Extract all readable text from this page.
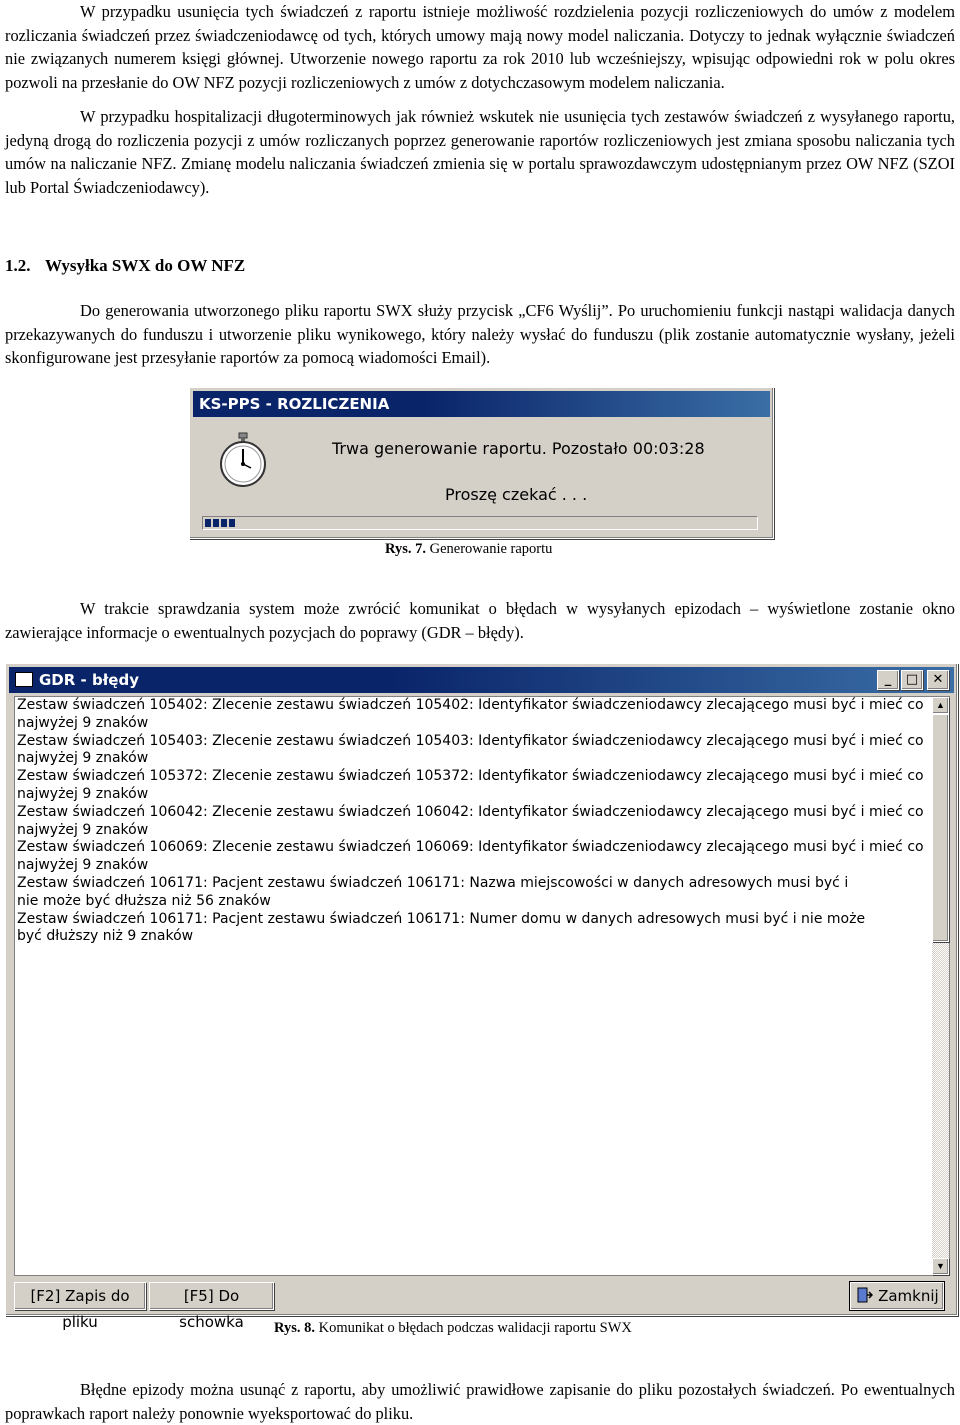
W przypadku usunięcia tych świadczeń z raportu istnieje możliwość rozdzielenia pozycji rozliczeniowych do umów z modelem rozliczania świadczeń przez świadczeniodawcę od tych, których umowy mają nowy model naliczania. Dotyczy to jednak wyłącznie świadczeń nie związanych numerem księgi głównej. Utworzenie nowego raportu za rok 2010 lub wcześniejszy, wpisując odpowiedni rok w polu okres pozwoli na przesłanie do OW NFZ pozycji rozliczeniowych z umów z dotychczasowym modelem naliczania.

W przypadku hospitalizacji długoterminowych jak również wskutek nie usunięcia tych zestawów świadczeń z wysyłanego raportu, jedyną drogą do rozliczenia pozycji z umów rozliczanych poprzez generowanie raportów rozliczeniowych jest zmiana sposobu naliczania tych umów na naliczanie NFZ. Zmianę modelu naliczania świadczeń zmienia się w portalu sprawozdawczym udostępnianym przez OW NFZ (SZOI lub Portal Świadczeniodawcy).

1.2. Wysyłka SWX do OW NFZ

Do generowania utworzonego pliku raportu SWX służy przycisk „CF6 Wyślij”. Po uruchomieniu funkcji nastąpi walidacja danych przekazywanych do funduszu i utworzenie pliku wynikowego, który należy wysłać do funduszu (plik zostanie automatycznie wysłany, jeżeli skonfigurowane jest przesyłanie raportów za pomocą wiadomości Email).

KS-PPS - ROZLICZENIA
Trwa generowanie raportu. Pozostało 00:03:28
Proszę czekać . . .
Rys. 7. Generowanie raportu

W trakcie sprawdzania system może zwrócić komunikat o błędach w wysyłanych epizodach – wyświetlone zostanie okno zawierające informacje o ewentualnych pozycjach do poprawy (GDR – błędy).

GDR - błędy	_	□	✕
Zestaw świadczeń 105402: Zlecenie zestawu świadczeń 105402: Identyfikator świadczeniodawcy zlecającego musi być i mieć co
najwyżej 9 znaków
Zestaw świadczeń 105403: Zlecenie zestawu świadczeń 105403: Identyfikator świadczeniodawcy zlecającego musi być i mieć co
najwyżej 9 znaków
Zestaw świadczeń 105372: Zlecenie zestawu świadczeń 105372: Identyfikator świadczeniodawcy zlecającego musi być i mieć co
najwyżej 9 znaków
Zestaw świadczeń 106042: Zlecenie zestawu świadczeń 106042: Identyfikator świadczeniodawcy zlecającego musi być i mieć co
najwyżej 9 znaków
Zestaw świadczeń 106069: Zlecenie zestawu świadczeń 106069: Identyfikator świadczeniodawcy zlecającego musi być i mieć co
najwyżej 9 znaków
Zestaw świadczeń 106171: Pacjent zestawu świadczeń 106171: Nazwa miejscowości w danych adresowych musi być i
nie może być dłuższa niż 56 znaków
Zestaw świadczeń 106171: Pacjent zestawu świadczeń 106171: Numer domu w danych adresowych musi być i nie może
być dłuższy niż 9 znaków
▲
▼
[F2] Zapis do pliku
[F5] Do schowka
Zamknij
Rys. 8. Komunikat o błędach podczas walidacji raportu SWX

Błędne epizody można usunąć z raportu, aby umożliwić prawidłowe zapisanie do pliku pozostałych świadczeń. Po ewentualnych poprawkach raport należy ponownie wyeksportować do pliku.
